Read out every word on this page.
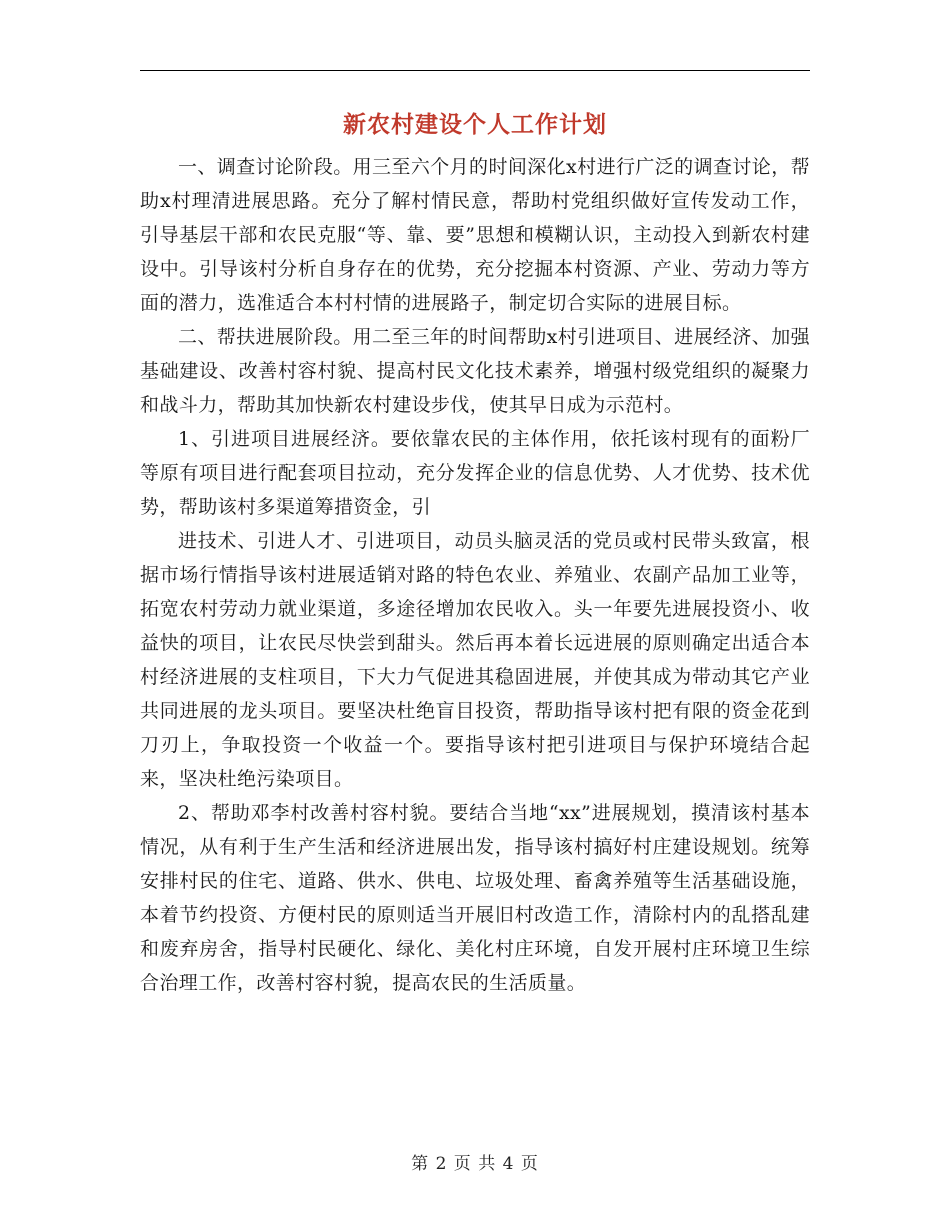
新农村建设个人工作计划

一、调查讨论阶段。用三至六个月的时间深化x村进行广泛的调查讨论，帮助x村理清进展思路。充分了解村情民意，帮助村党组织做好宣传发动工作，引导基层干部和农民克服“等、靠、要”思想和模糊认识，主动投入到新农村建设中。引导该村分析自身存在的优势，充分挖掘本村资源、产业、劳动力等方面的潜力，选准适合本村村情的进展路子，制定切合实际的进展目标。

二、帮扶进展阶段。用二至三年的时间帮助x村引进项目、进展经济、加强基础建设、改善村容村貌、提高村民文化技术素养，增强村级党组织的凝聚力和战斗力，帮助其加快新农村建设步伐，使其早日成为示范村。

1、引进项目进展经济。要依靠农民的主体作用，依托该村现有的面粉厂等原有项目进行配套项目拉动，充分发挥企业的信息优势、人才优势、技术优势，帮助该村多渠道筹措资金，引

进技术、引进人才、引进项目，动员头脑灵活的党员或村民带头致富，根据市场行情指导该村进展适销对路的特色农业、养殖业、农副产品加工业等，拓宽农村劳动力就业渠道，多途径增加农民收入。头一年要先进展投资小、收益快的项目，让农民尽快尝到甜头。然后再本着长远进展的原则确定出适合本村经济进展的支柱项目，下大力气促进其稳固进展，并使其成为带动其它产业共同进展的龙头项目。要坚决杜绝盲目投资，帮助指导该村把有限的资金花到刀刃上，争取投资一个收益一个。要指导该村把引进项目与保护环境结合起来，坚决杜绝污染项目。

2、帮助邓李村改善村容村貌。要结合当地“xx”进展规划，摸清该村基本情况，从有利于生产生活和经济进展出发，指导该村搞好村庄建设规划。统筹安排村民的住宅、道路、供水、供电、垃圾处理、畜禽养殖等生活基础设施，本着节约投资、方便村民的原则适当开展旧村改造工作，清除村内的乱搭乱建和废弃房舍，指导村民硬化、绿化、美化村庄环境，自发开展村庄环境卫生综合治理工作，改善村容村貌，提高农民的生活质量。

第 2 页 共 4 页
